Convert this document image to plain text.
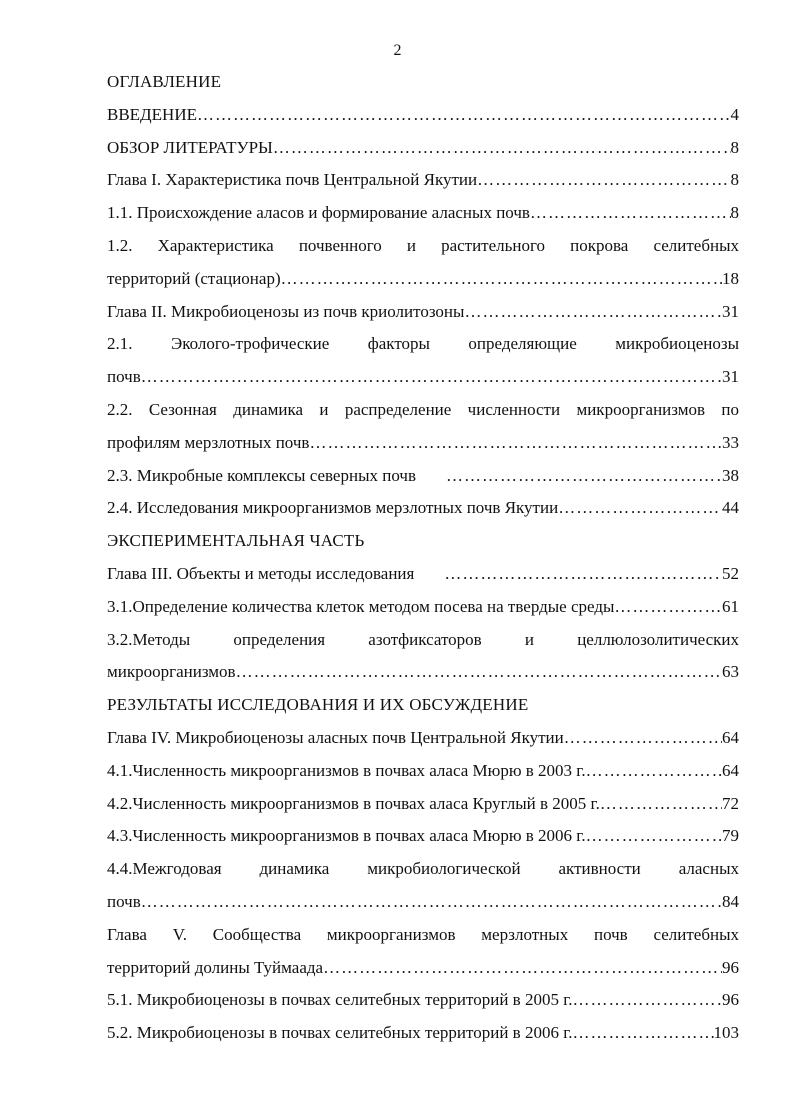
2
ОГЛАВЛЕНИЕ
ВВЕДЕНИЕ …………………………………………………………………………………………………………………………………………………………………………………………………………	4
ОБЗОР ЛИТЕРАТУРЫ …………………………………………………………………………………………………………………………………………………………………………………………………………	8
Глава I. Характеристика почв Центральной Якутии …………………………………………………………………………………………………………………………………………………………………………………………………………	8
1.1. Происхождение аласов и формирование аласных почв …………………………………………………………………………………………………………………………………………………………………………………………………………	8
1.2. Характеристика почвенного и растительного покрова селитебных
территорий (стационар) …………………………………………………………………………………………………………………………………………………………………………………………………………	18
Глава II. Микробиоценозы из почв криолитозоны …………………………………………………………………………………………………………………………………………………………………………………………………………	31
2.1. Эколого-трофические факторы определяющие микробиоценозы
почв …………………………………………………………………………………………………………………………………………………………………………………………………………	31
2.2. Сезонная динамика и распределение численности микроорганизмов по
профилям мерзлотных почв …………………………………………………………………………………………………………………………………………………………………………………………………………	33
2.3. Микробные комплексы северных почв …………………………………………………………………………………………………………………………………………………………………………………………………………	38
2.4. Исследования микроорганизмов мерзлотных почв Якутии …………………………………………………………………………………………………………………………………………………………………………………………………………	44
ЭКСПЕРИМЕНТАЛЬНАЯ ЧАСТЬ
Глава III. Объекты и методы исследования …………………………………………………………………………………………………………………………………………………………………………………………………………	52
3.1.Определение количества клеток методом посева на твердые среды …………………………………………………………………………………………………………………………………………………………………………………………………………	61
3.2.Методы определения азотфиксаторов и целлюлозолитических
микроорганизмов …………………………………………………………………………………………………………………………………………………………………………………………………………	63
РЕЗУЛЬТАТЫ ИССЛЕДОВАНИЯ И ИХ ОБСУЖДЕНИЕ
Глава IV. Микробиоценозы аласных почв Центральной Якутии …………………………………………………………………………………………………………………………………………………………………………………………………………	64
4.1.Численность микроорганизмов в почвах аласа Мюрю в 2003 г. …………………………………………………………………………………………………………………………………………………………………………………………………………	64
4.2.Численность микроорганизмов в почвах аласа Круглый в 2005 г. …………………………………………………………………………………………………………………………………………………………………………………………………………	72
4.3.Численность микроорганизмов в почвах аласа Мюрю в 2006 г. …………………………………………………………………………………………………………………………………………………………………………………………………………	79
4.4.Межгодовая динамика микробиологической активности аласных
почв …………………………………………………………………………………………………………………………………………………………………………………………………………	84
Глава V. Сообщества микроорганизмов мерзлотных почв селитебных
территорий долины Туймаада …………………………………………………………………………………………………………………………………………………………………………………………………………	96
5.1. Микробиоценозы в почвах селитебных территорий в 2005 г. …………………………………………………………………………………………………………………………………………………………………………………………………………	96
5.2. Микробиоценозы в почвах селитебных территорий в 2006 г. …………………………………………………………………………………………………………………………………………………………………………………………………………	103
